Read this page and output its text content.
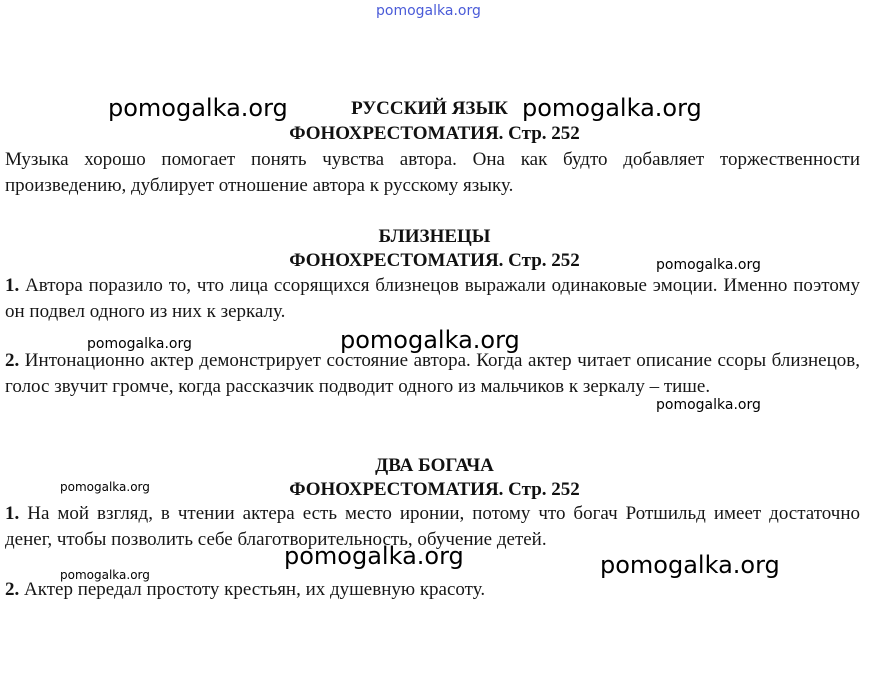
pomogalka.org
РУССКИЙ ЯЗЫК
ФОНОХРЕСТОМАТИЯ. Стр. 252
Музыка хорошо помогает понять чувства автора. Она как будто добавляет торжественности произведению, дублирует отношение автора к русскому языку.
БЛИЗНЕЦЫ
ФОНОХРЕСТОМАТИЯ. Стр. 252
1. Автора поразило то, что лица ссорящихся близнецов выражали одинаковые эмоции. Именно поэтому он подвел одного из них к зеркалу.
2. Интонационно актер демонстрирует состояние автора. Когда актер читает описание ссоры близнецов, голос звучит громче, когда рассказчик подводит одного из мальчиков к зеркалу – тише.
ДВА БОГАЧА
ФОНОХРЕСТОМАТИЯ. Стр. 252
1. На мой взгляд, в чтении актера есть место иронии, потому что богач Ротшильд имеет достаточно денег, чтобы позволить себе благотворительность, обучение детей.
2. Актер передал простоту крестьян, их душевную красоту.
pomogalka.org	pomogalka.org
pomogalka.org
pomogalka.org
pomogalka.org
pomogalka.org
pomogalka.org
pomogalka.org	pomogalka.org
pomogalka.org
